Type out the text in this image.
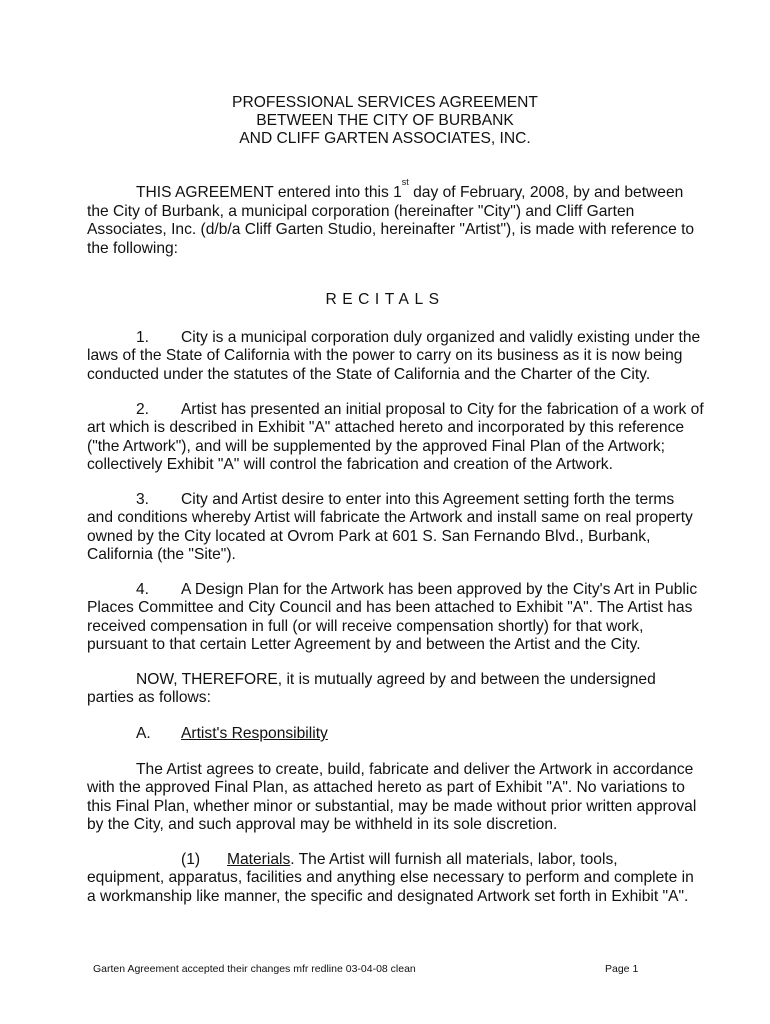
PROFESSIONAL SERVICES AGREEMENT
BETWEEN THE CITY OF BURBANK
AND CLIFF GARTEN ASSOCIATES, INC.
THIS AGREEMENT entered into this 1st day of February, 2008, by and between
the City of Burbank, a municipal corporation (hereinafter "City") and Cliff Garten
Associates, Inc. (d/b/a Cliff Garten Studio, hereinafter "Artist"), is made with reference to
the following:
RECITALS
1. City is a municipal corporation duly organized and validly existing under the
laws of the State of California with the power to carry on its business as it is now being
conducted under the statutes of the State of California and the Charter of the City.
2. Artist has presented an initial proposal to City for the fabrication of a work of
art which is described in Exhibit "A" attached hereto and incorporated by this reference
("the Artwork"), and will be supplemented by the approved Final Plan of the Artwork;
collectively Exhibit "A" will control the fabrication and creation of the Artwork.
3. City and Artist desire to enter into this Agreement setting forth the terms
and conditions whereby Artist will fabricate the Artwork and install same on real property
owned by the City located at Ovrom Park at 601 S. San Fernando Blvd., Burbank,
California (the "Site").
4. A Design Plan for the Artwork has been approved by the City's Art in Public
Places Committee and City Council and has been attached to Exhibit "A". The Artist has
received compensation in full (or will receive compensation shortly) for that work,
pursuant to that certain Letter Agreement by and between the Artist and the City.
NOW, THEREFORE, it is mutually agreed by and between the undersigned
parties as follows:
A. Artist's Responsibility
The Artist agrees to create, build, fabricate and deliver the Artwork in accordance
with the approved Final Plan, as attached hereto as part of Exhibit "A". No variations to
this Final Plan, whether minor or substantial, may be made without prior written approval
by the City, and such approval may be withheld in its sole discretion.
(1) Materials. The Artist will furnish all materials, labor, tools,
equipment, apparatus, facilities and anything else necessary to perform and complete in
a workmanship like manner, the specific and designated Artwork set forth in Exhibit "A".
Garten Agreement accepted their changes mfr redline 03-04-08 clean	Page 1
